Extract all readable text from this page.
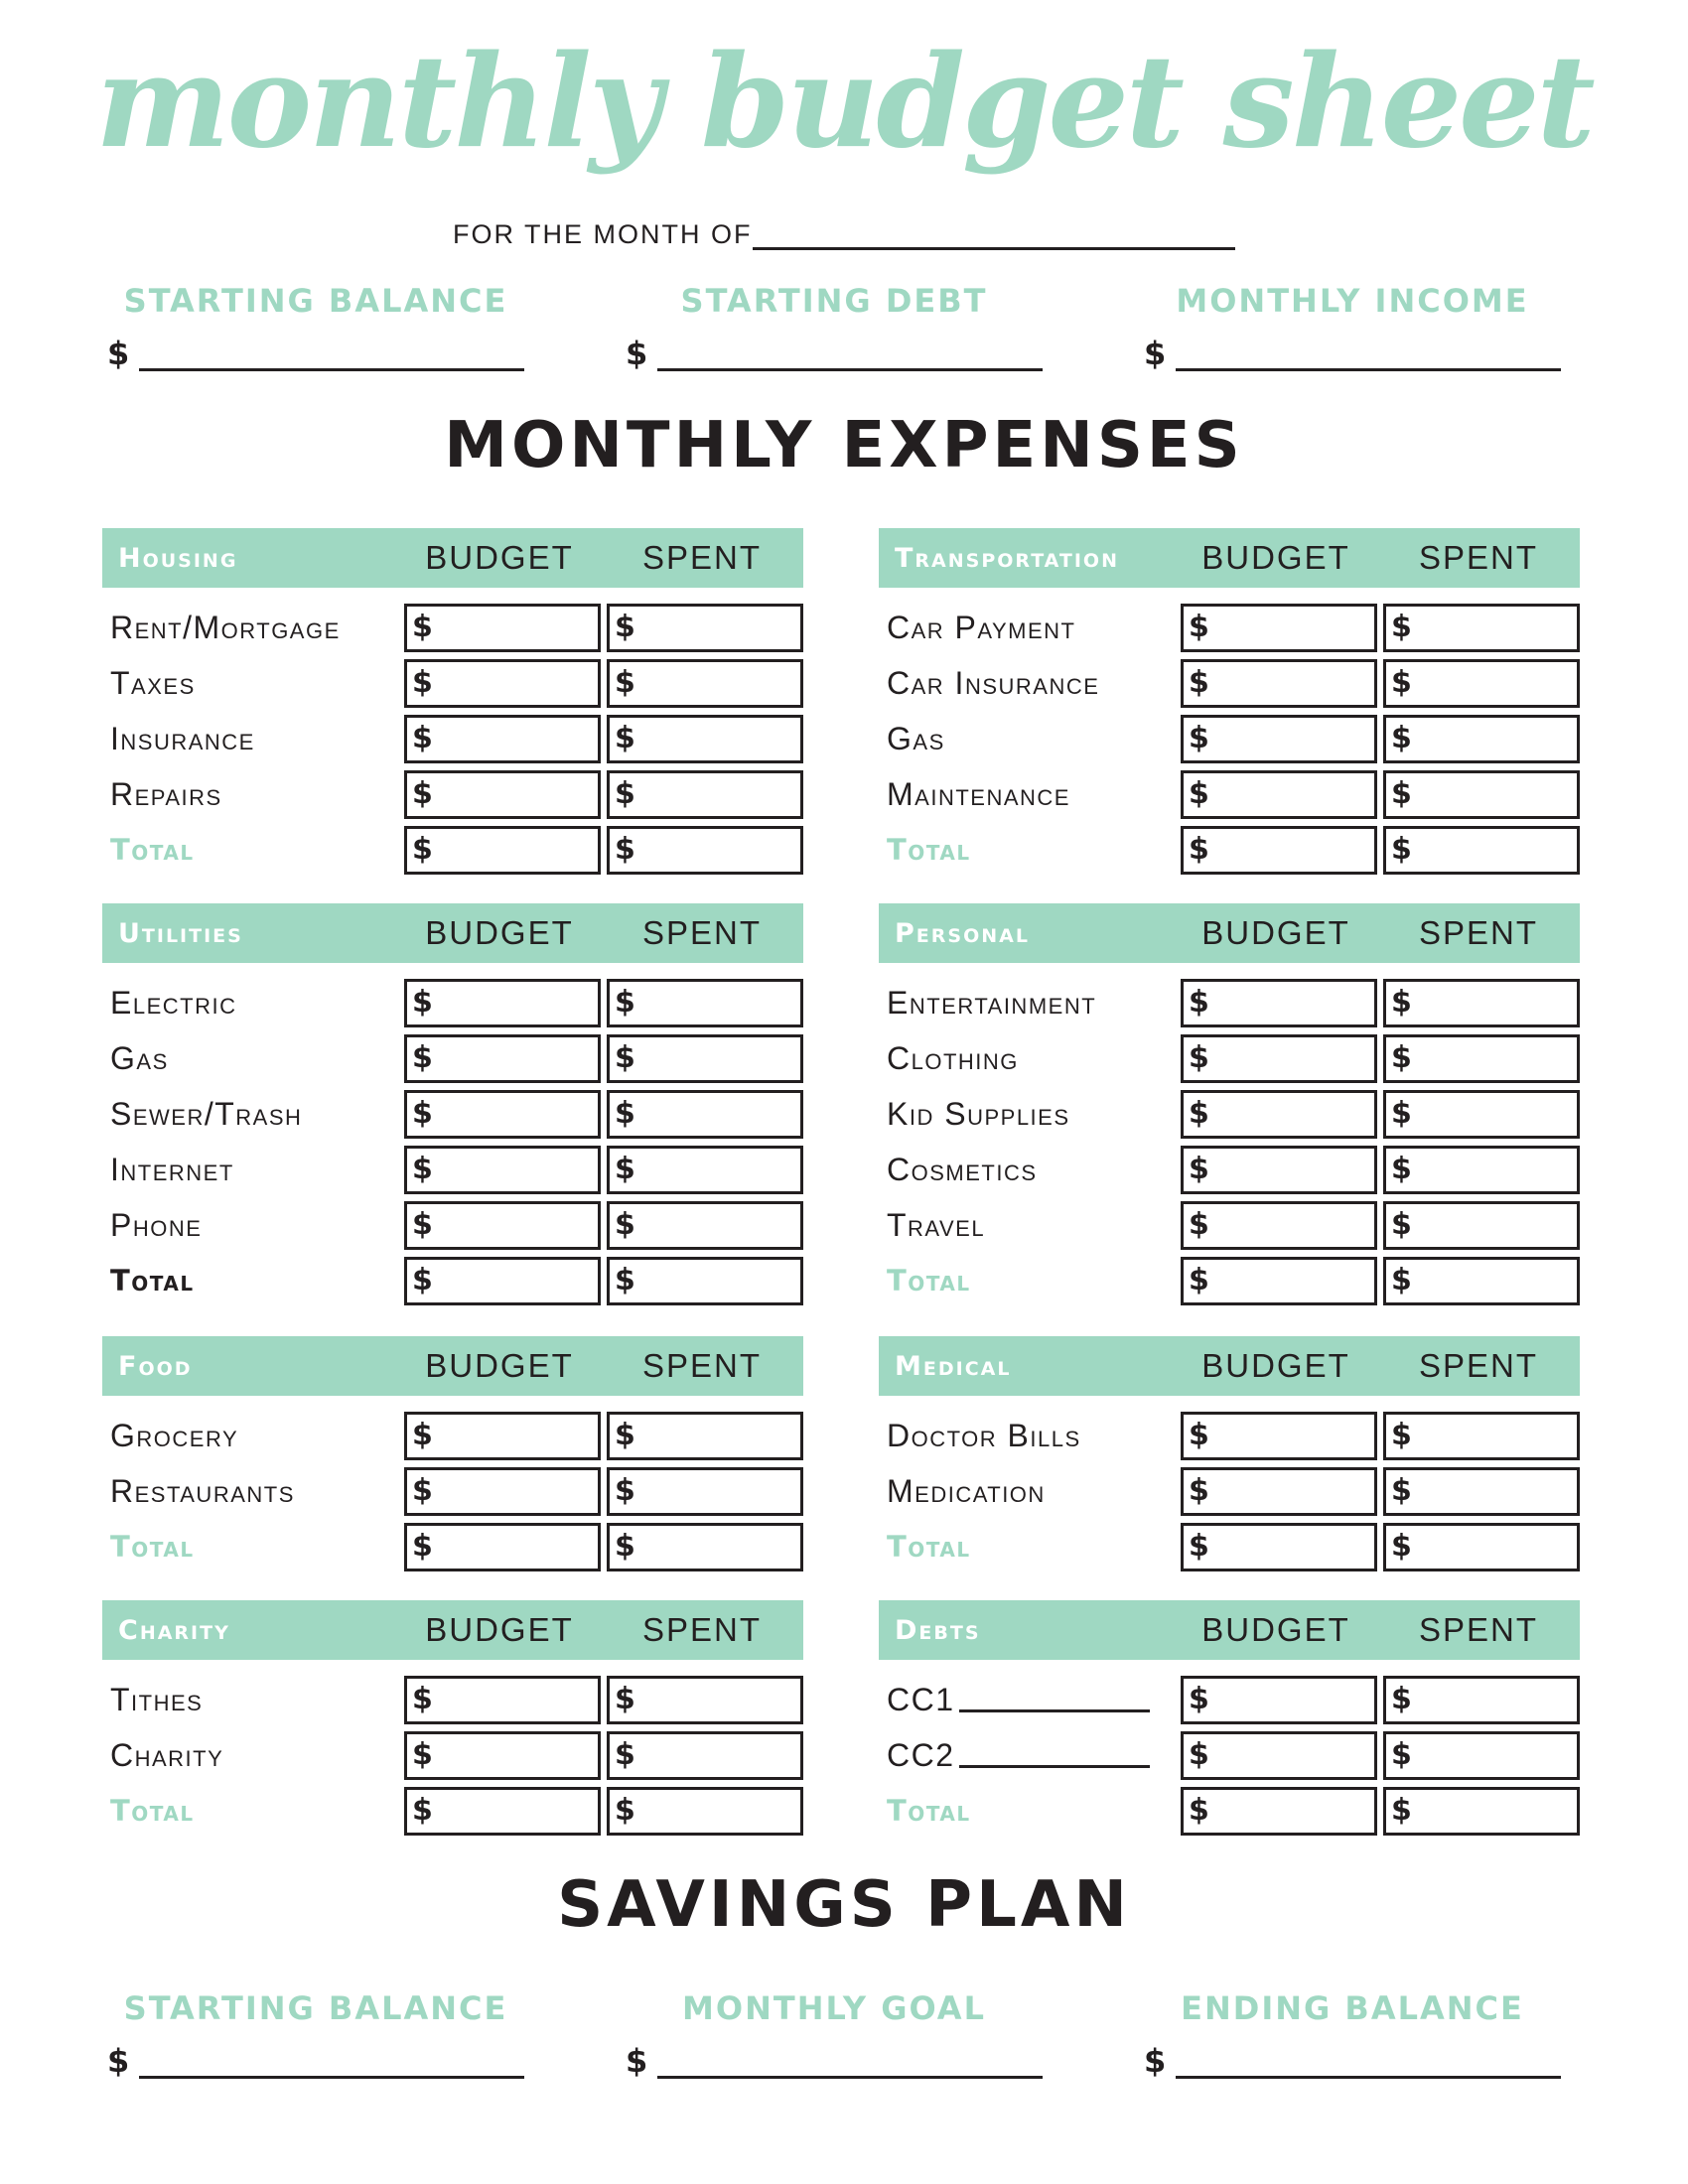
monthly budget sheet
FOR THE MONTH OF
STARTING BALANCE
$
STARTING DEBT
$
MONTHLY INCOME
$
MONTHLY EXPENSES
Housing	BUDGET	SPENT
Rent/Mortgage $	$
Taxes	$	$
Insurance	$	$
Repairs	$	$
Total	$	$
Transportation	BUDGET	SPENT
Car Payment	$	$
Car Insurance	$	$
Gas	$	$
Maintenance	$	$
Total	$	$
Utilities	BUDGET	SPENT
Electric	$	$
Gas	$	$
Sewer/Trash	$	$
Internet	$	$
Phone	$	$
Total	$	$
Personal	BUDGET	SPENT
Entertainment	$	$
Clothing	$	$
Kid Supplies	$	$
Cosmetics	$	$
Travel	$	$
Total	$	$
Food	BUDGET	SPENT
Grocery	$	$
Restaurants	$	$
Total	$	$
Medical	BUDGET	SPENT
Doctor Bills	$	$
Medication	$	$
Total	$	$
Charity	BUDGET	SPENT
Tithes	$	$
Charity	$	$
Total	$	$
Debts	BUDGET	SPENT
CC1	$	$
CC2	$	$
Total	$	$
SAVINGS PLAN
STARTING BALANCE
$
MONTHLY GOAL
$
ENDING BALANCE
$
